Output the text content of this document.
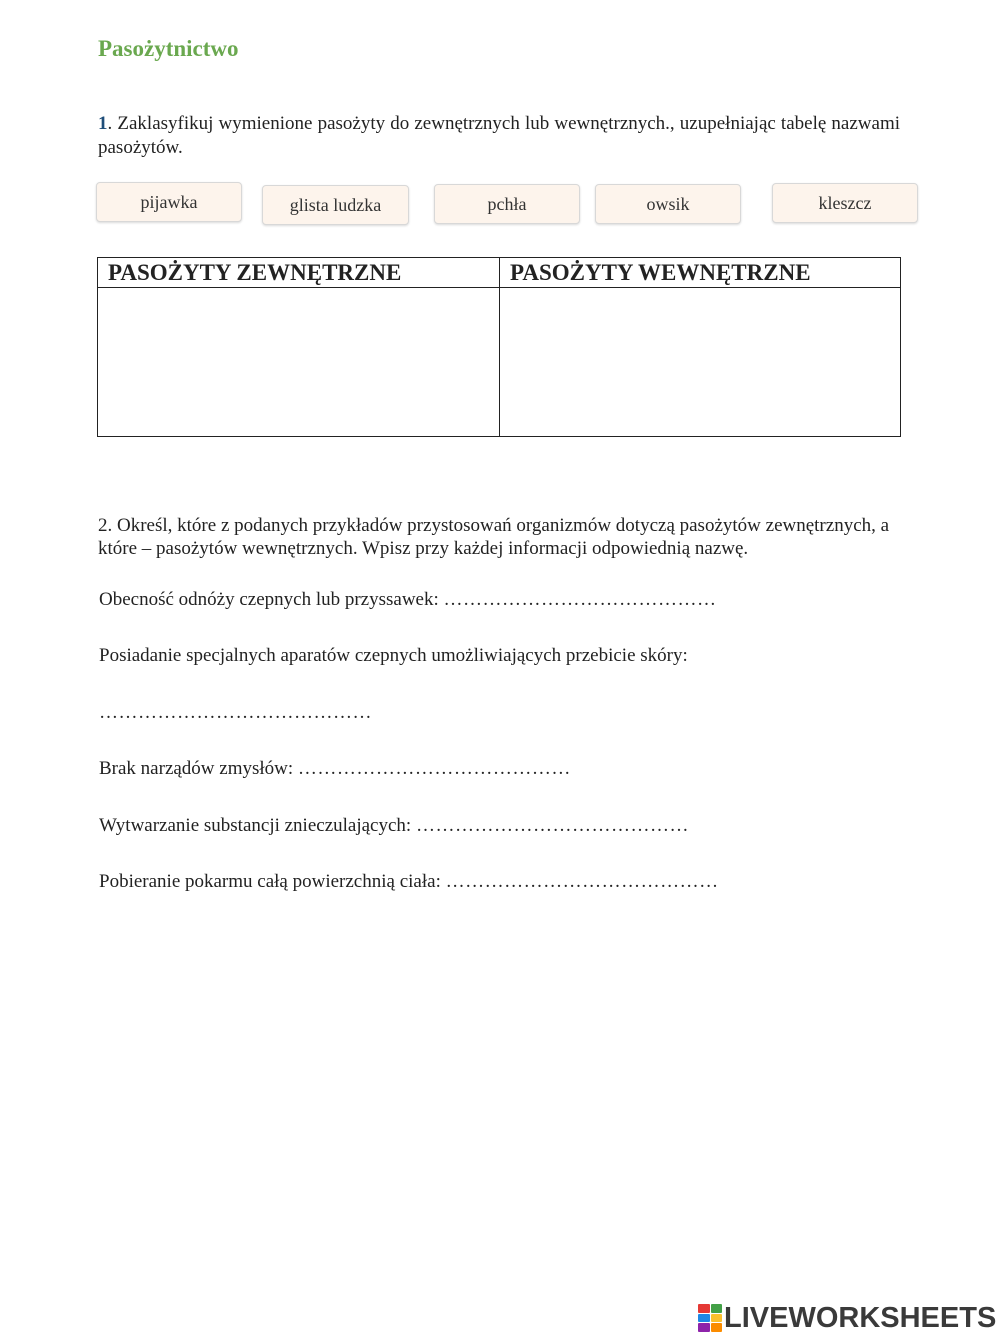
Pasożytnictwo
1. Zaklasyfikuj wymienione pasożyty do zewnętrznych lub wewnętrznych., uzupełniając tabelę nazwami pasożytów.
pijawka	glista ludzka	pchła	owsik	kleszcz
PASOŻYTY ZEWNĘTRZNE	PASOŻYTY WEWNĘTRZNE

2. Określ, które z podanych przykładów przystosowań organizmów dotyczą pasożytów zewnętrznych, a które – pasożytów wewnętrznych. Wpisz przy każdej informacji odpowiednią nazwę.
Obecność odnóży czepnych lub przyssawek: ……………………………………
Posiadanie specjalnych aparatów czepnych umożliwiających przebicie skóry:
……………………………………
Brak narządów zmysłów: ……………………………………
Wytwarzanie substancji znieczulających: ……………………………………
Pobieranie pokarmu całą powierzchnią ciała: ……………………………………
LIVEWORKSHEETS
